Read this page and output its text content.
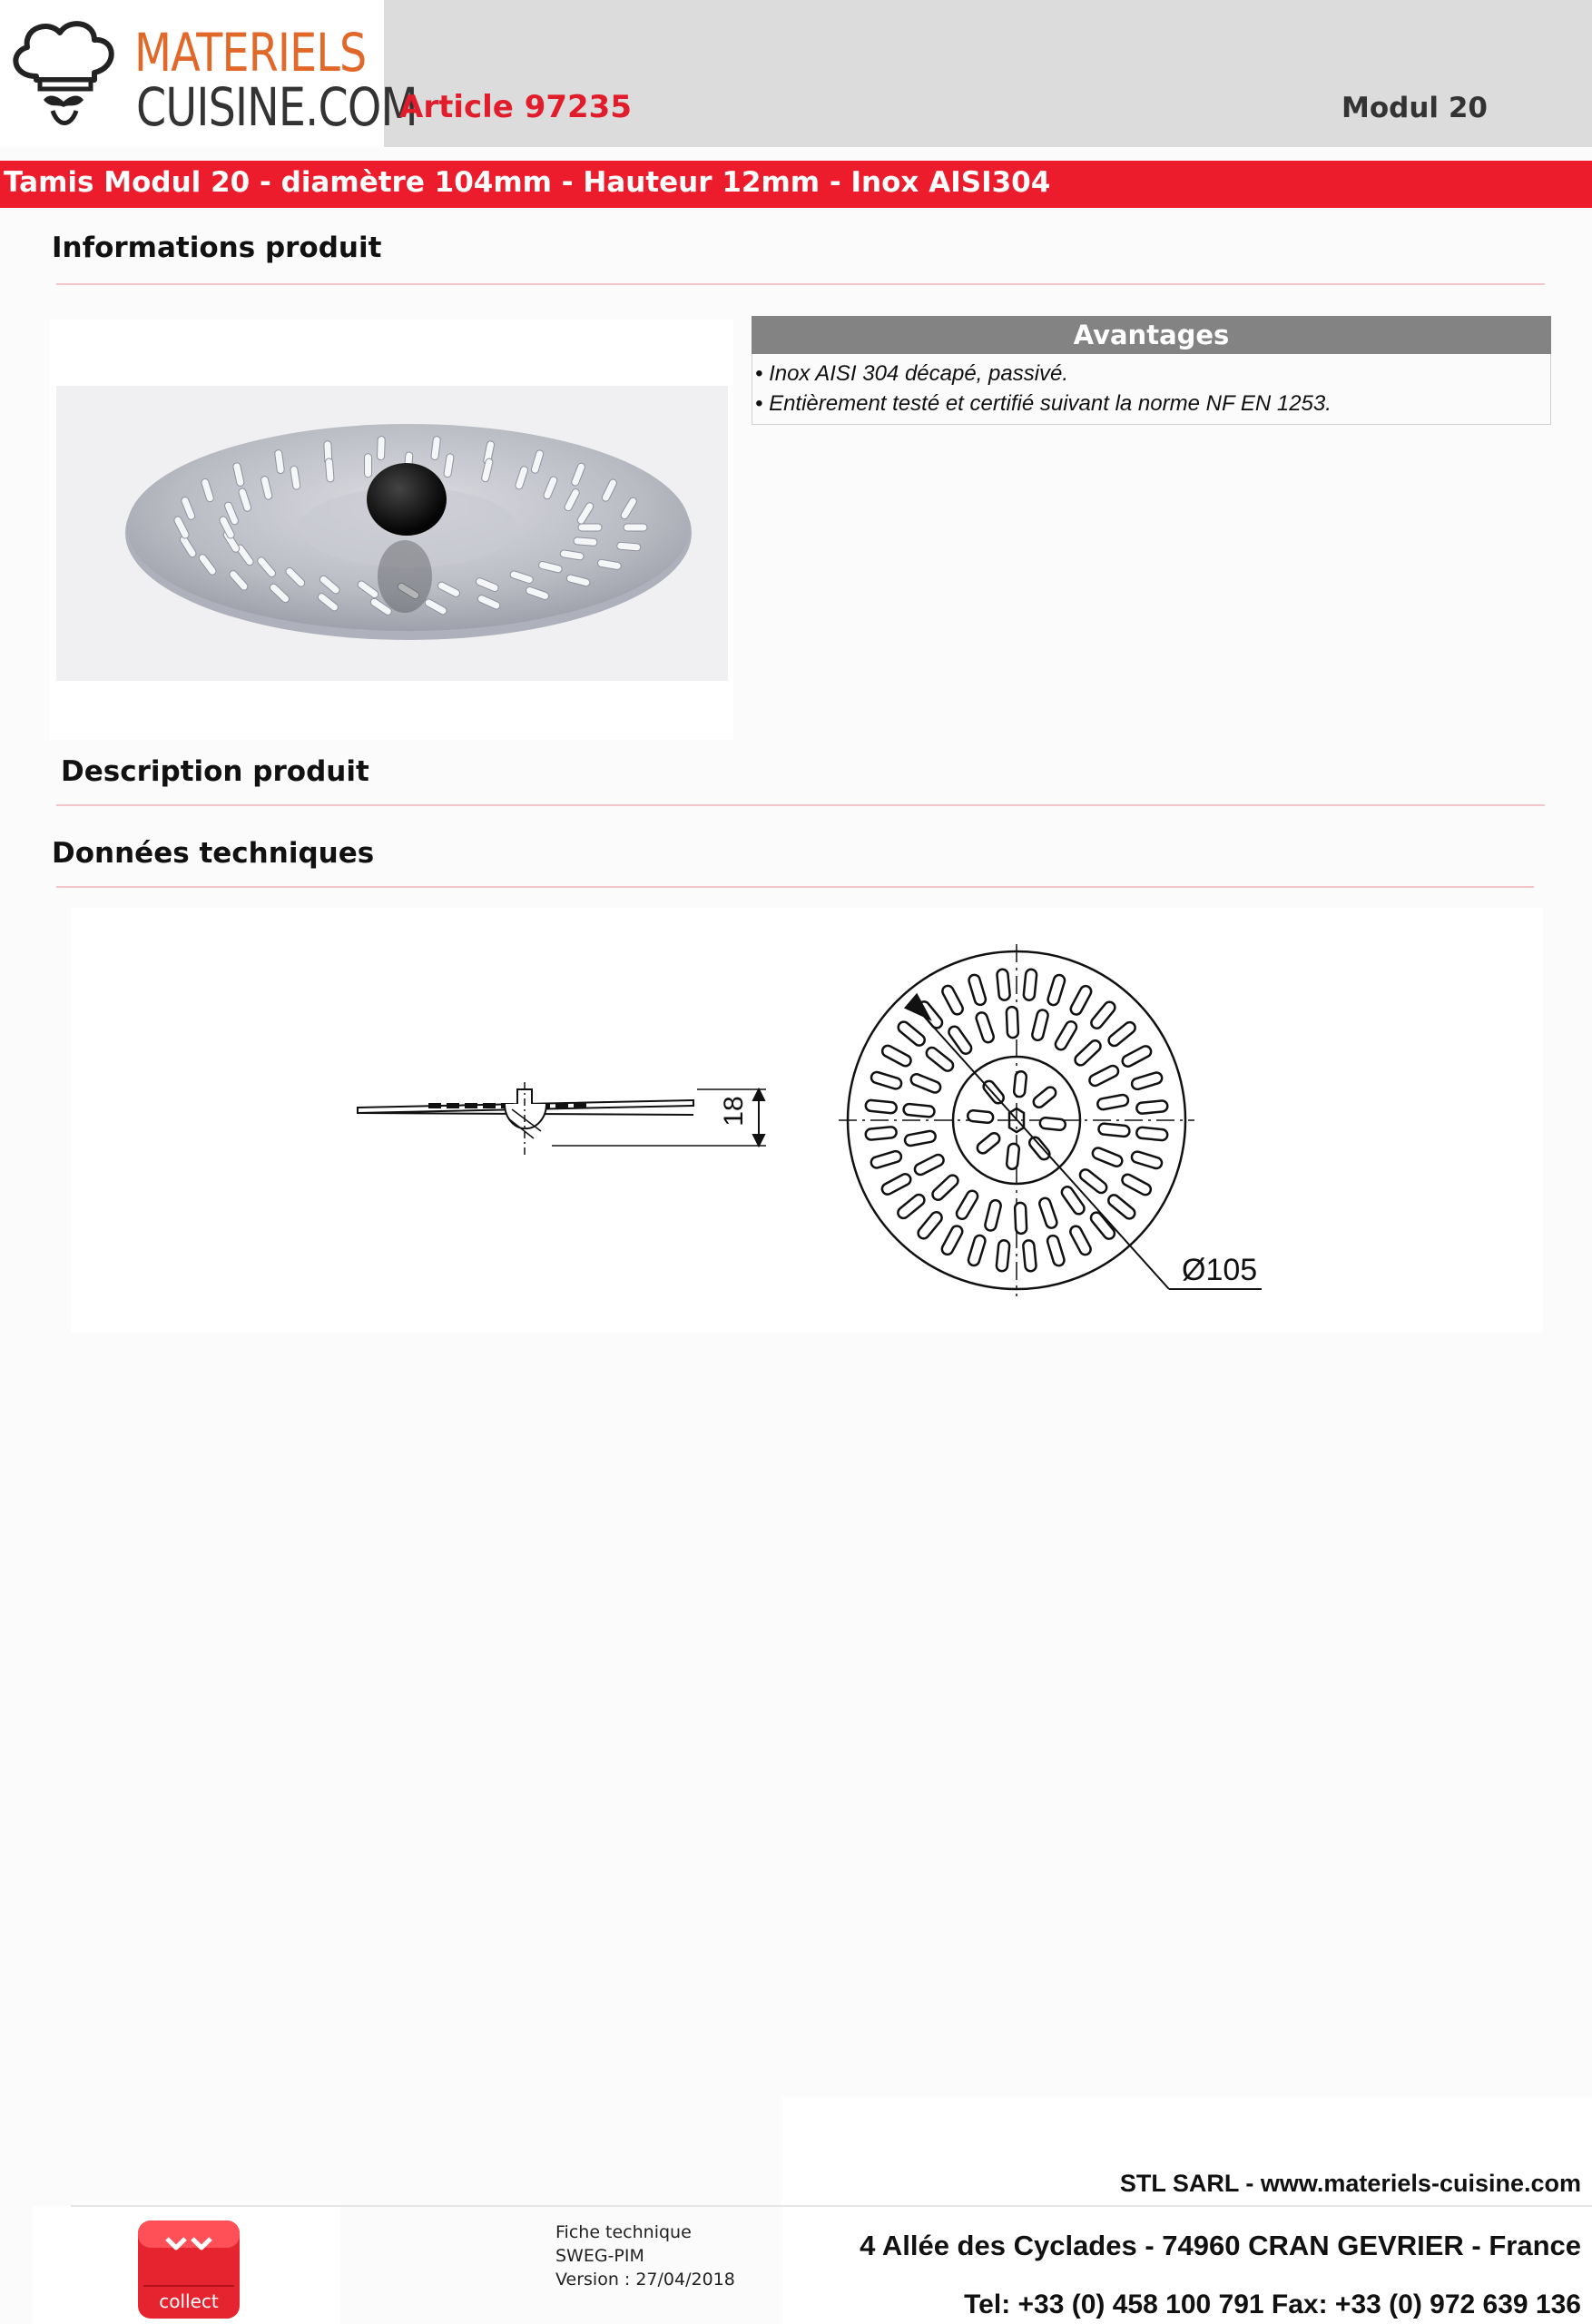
MATERIELS
CUISINE.COM
Article 97235	Modul 20
Tamis Modul 20 - diamètre 104mm - Hauteur 12mm - Inox AISI304
Informations produit
Avantages
• Inox AISI 304 décapé, passivé.
• Entièrement testé et certifié suivant la norme NF EN 1253.
Description produit
Données techniques
18
Ø105
STL SARL - www.materiels-cuisine.com
4 Allée des Cyclades - 74960 CRAN GEVRIER - France
Tel: +33 (0) 458 100 791 Fax: +33 (0) 972 639 136
Fiche technique
SWEG-PIM
Version : 27/04/2018
collect
